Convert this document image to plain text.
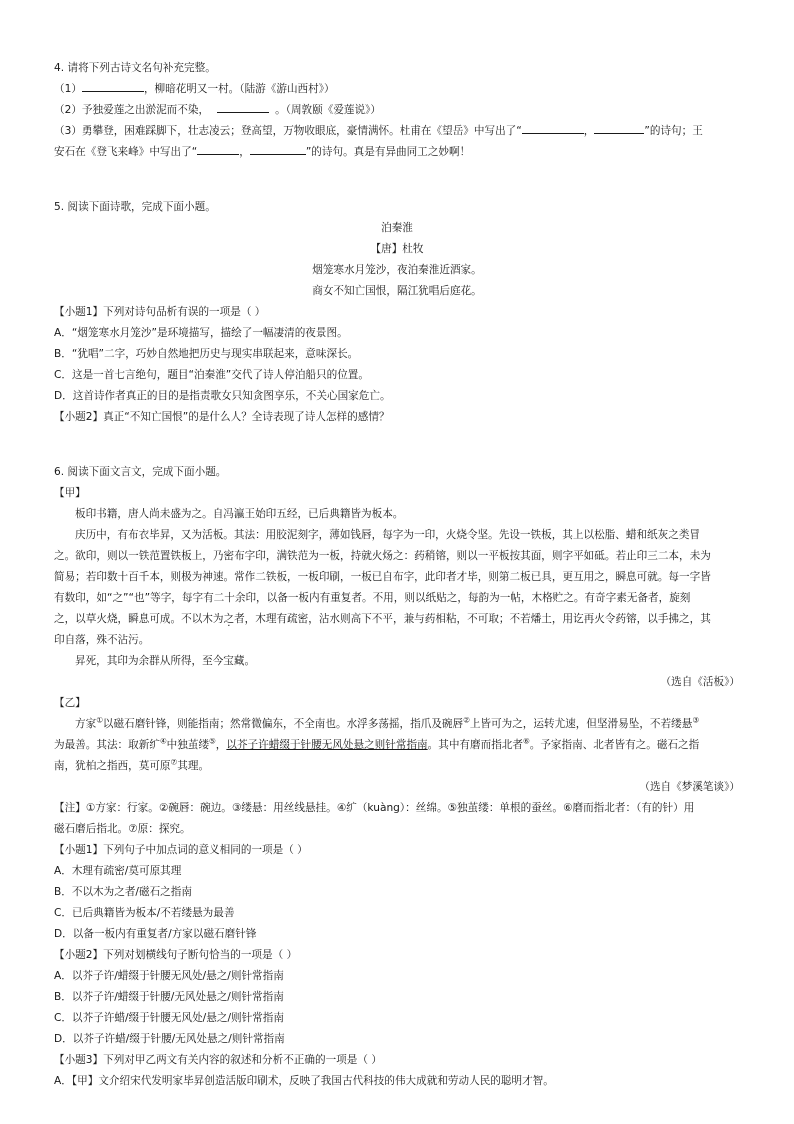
4. 请将下列古诗文名句补充完整。
（1）	，柳暗花明又一村。（陆游《游山西村》）
（2）予独爱莲之出淤泥而不染，	。（周敦颐《爱莲说》）
（3）勇攀登，困难踩脚下，壮志凌云；登高望，万物收眼底，豪情满怀。杜甫在《望岳》中写出了“	，	”的诗句；王
安石在《登飞来峰》中写出了“	，	”的诗句。真是有异曲同工之妙啊！
5. 阅读下面诗歌，完成下面小题。
泊秦淮
【唐】杜牧
烟笼寒水月笼沙，夜泊秦淮近酒家。
商女不知亡国恨，隔江犹唱后庭花。
【小题1】下列对诗句品析有误的一项是（ ）
A．“烟笼寒水月笼沙”是环境描写，描绘了一幅凄清的夜景图。
B．“犹唱”二字，巧妙自然地把历史与现实串联起来，意味深长。
C．这是一首七言绝句，题目“泊秦淮”交代了诗人停泊船只的位置。
D．这首诗作者真正的目的是指责歌女只知贪图享乐，不关心国家危亡。
【小题2】真正“不知亡国恨”的是什么人？全诗表现了诗人怎样的感情？
6. 阅读下面文言文，完成下面小题。
【甲】
板印书籍，唐人尚未盛为之。自冯瀛王始印五经，已后典籍皆为板本。
庆历中，有布衣毕昇，又为活板。其法：用胶泥刻字，薄如钱唇，每字为一印，火烧令坚。先设一铁板，其上以松脂、蜡和纸灰之类冒
之。欲印，则以一铁范置铁板上，乃密布字印，满铁范为一板，持就火炀之：药稍镕，则以一平板按其面，则字平如砥。若止印三二本，未为
简易；若印数十百千本，则极为神速。常作二铁板，一板印刷，一板已自布字，此印者才毕，则第二板已具，更互用之，瞬息可就。每一字皆
有数印，如“之”“也”等字，每字有二十余印，以备一板内有重复者。不用，则以纸贴之，每韵为一帖，木格贮之。有奇字素无备者，旋刻
之，以草火烧，瞬息可成。不以木为之者，木理有疏密，沾水则高下不平，兼与药相粘，不可取；不若燔土，用讫再火令药镕，以手拂之，其
印自落，殊不沾污。
昇死，其印为余群从所得，至今宝藏。
（选自《活板》）
【乙】
方家①以磁石磨针锋，则能指南；然常微偏东，不全南也。水浮多荡摇，指爪及碗唇②上皆可为之，运转尤速，但坚滑易坠，不若缕悬③
为最善。其法：取新纩④中独茧缕⑤，以芥子许蜡缀于针腰无风处悬之则针常指南。其中有磨而指北者⑥。予家指南、北者皆有之。磁石之指
南，犹柏之指西，莫可原⑦其理。
（选自《梦溪笔谈》）
【注】①方家：行家。②碗唇：碗边。③缕悬：用丝线悬挂。④纩（kuàng）：丝绵。⑤独茧缕：单根的蚕丝。⑥磨而指北者：（有的针）用
磁石磨后指北。⑦原：探究。
【小题1】下列句子中加点词的意义相同的一项是（ ）
A．木理有疏密/莫可原其理
B．不以木为之者/磁石之指南
C．已后典籍皆为板本/不若缕悬为最善
D．以备一板内有重复者/方家以磁石磨针锋
【小题2】下列对划横线句子断句恰当的一项是（ ）
A．以芥子许/蜡缀于针腰无风处/悬之/则针常指南
B．以芥子许/蜡缀于针腰/无风处悬之/则针常指南
C．以芥子许蜡/缀于针腰无风处/悬之/则针常指南
D．以芥子许蜡/缀于针腰/无风处悬之/则针常指南
【小题3】下列对甲乙两文有关内容的叙述和分析不正确的一项是（ ）
A．【甲】文介绍宋代发明家毕昇创造活版印刷术，反映了我国古代科技的伟大成就和劳动人民的聪明才智。
